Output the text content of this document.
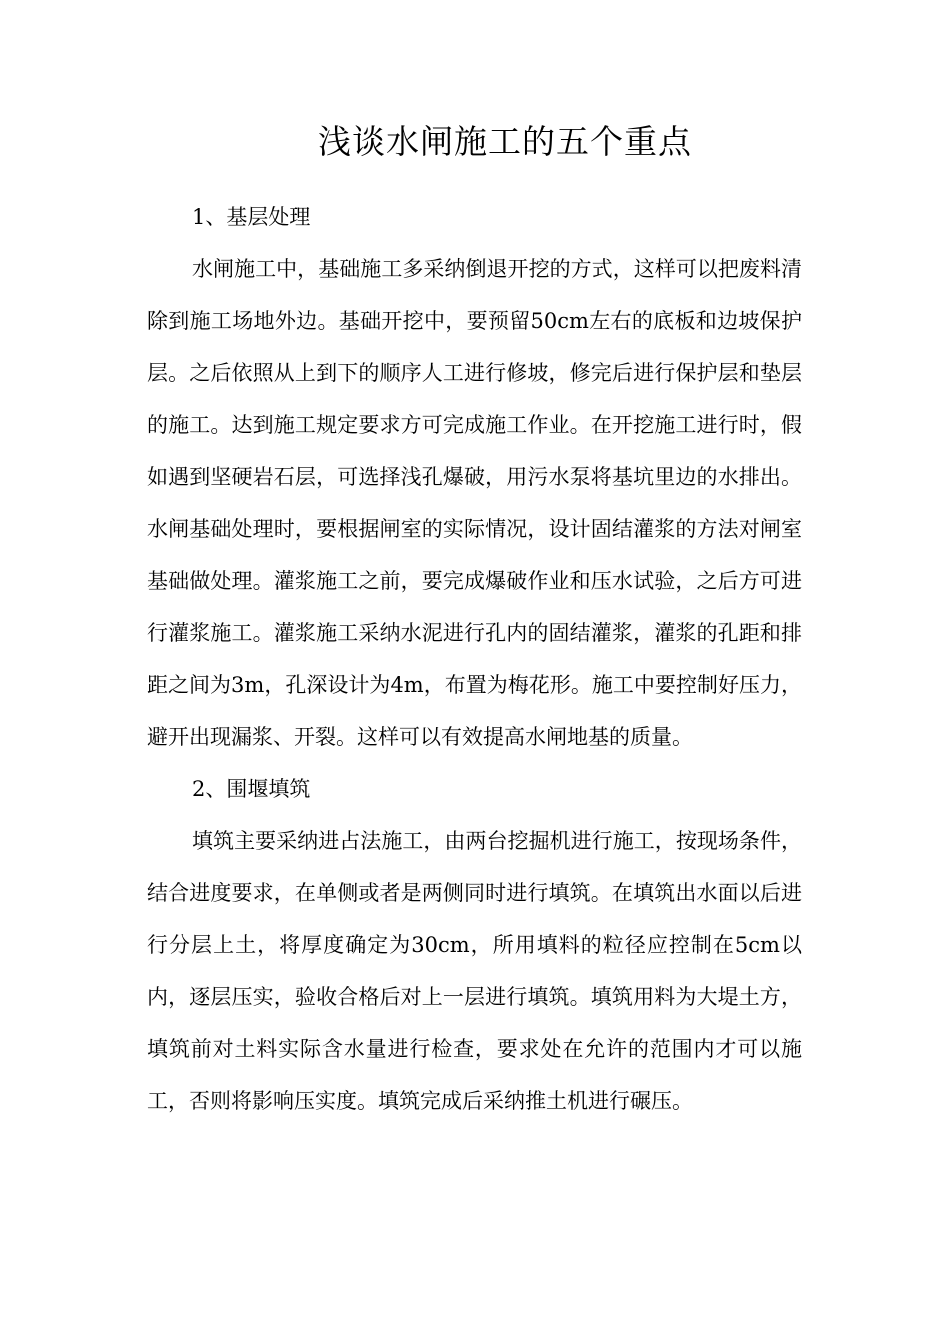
浅谈水闸施工的五个重点

1、基层处理

水闸施工中，基础施工多采纳倒退开挖的方式，这样可以把废料清除到施工场地外边。基础开挖中，要预留50cm左右的底板和边坡保护层。之后依照从上到下的顺序人工进行修坡，修完后进行保护层和垫层的施工。达到施工规定要求方可完成施工作业。在开挖施工进行时，假如遇到坚硬岩石层，可选择浅孔爆破，用污水泵将基坑里边的水排出。水闸基础处理时，要根据闸室的实际情况，设计固结灌浆的方法对闸室基础做处理。灌浆施工之前，要完成爆破作业和压水试验，之后方可进行灌浆施工。灌浆施工采纳水泥进行孔内的固结灌浆，灌浆的孔距和排距之间为3m，孔深设计为4m，布置为梅花形。施工中要控制好压力，避开出现漏浆、开裂。这样可以有效提高水闸地基的质量。

2、围堰填筑

填筑主要采纳进占法施工，由两台挖掘机进行施工，按现场条件，结合进度要求，在单侧或者是两侧同时进行填筑。在填筑出水面以后进行分层上土，将厚度确定为30cm，所用填料的粒径应控制在5cm以内，逐层压实，验收合格后对上一层进行填筑。填筑用料为大堤土方，填筑前对土料实际含水量进行检查，要求处在允许的范围内才可以施工，否则将影响压实度。填筑完成后采纳推土机进行碾压。
